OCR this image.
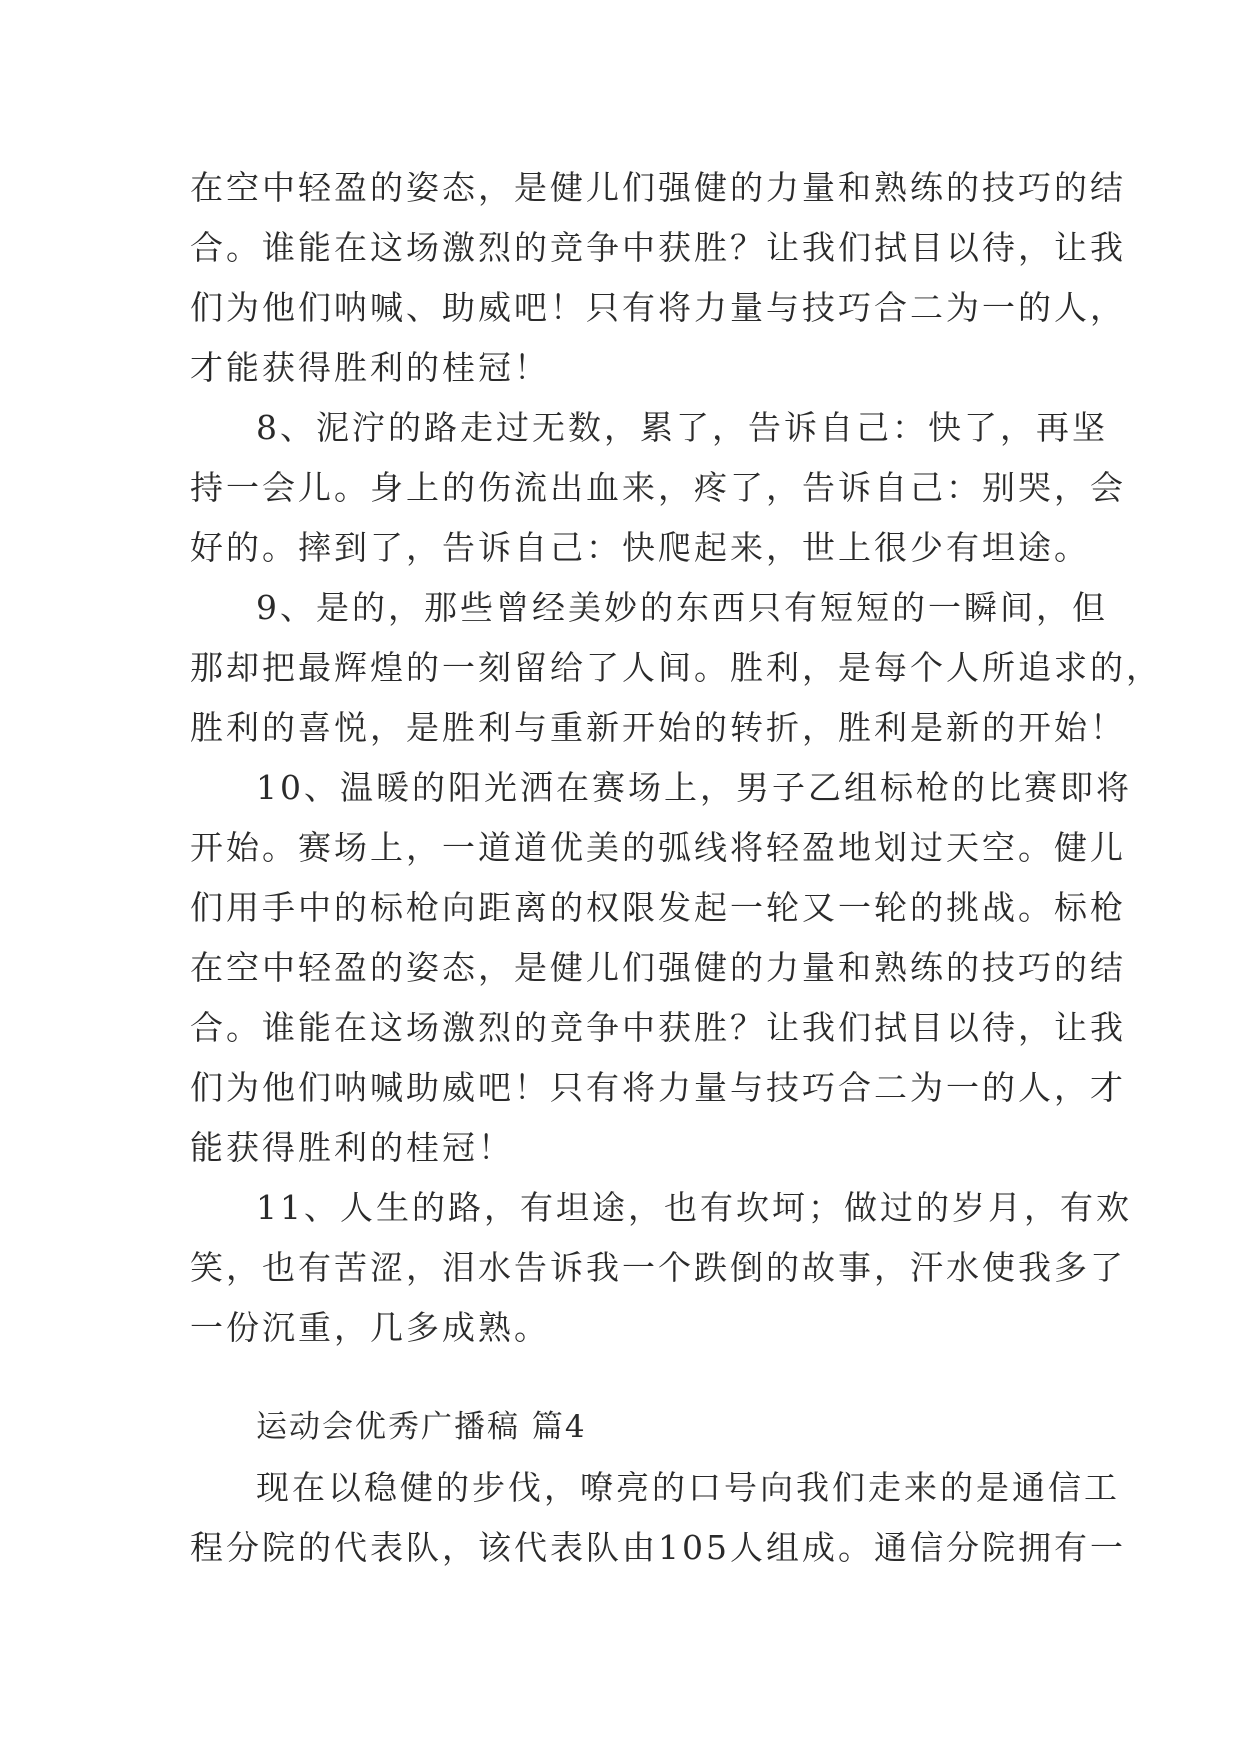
在空中轻盈的姿态，是健儿们强健的力量和熟练的技巧的结
合。谁能在这场激烈的竞争中获胜？让我们拭目以待，让我
们为他们呐喊、助威吧！只有将力量与技巧合二为一的人，
才能获得胜利的桂冠！
8、泥泞的路走过无数，累了，告诉自己：快了，再坚
持一会儿。身上的伤流出血来，疼了，告诉自己：别哭，会
好的。摔到了，告诉自己：快爬起来，世上很少有坦途。
9、是的，那些曾经美妙的东西只有短短的一瞬间，但
那却把最辉煌的一刻留给了人间。胜利，是每个人所追求的，
胜利的喜悦，是胜利与重新开始的转折，胜利是新的开始！
10、温暖的阳光洒在赛场上，男子乙组标枪的比赛即将
开始。赛场上，一道道优美的弧线将轻盈地划过天空。健儿
们用手中的标枪向距离的权限发起一轮又一轮的挑战。标枪
在空中轻盈的姿态，是健儿们强健的力量和熟练的技巧的结
合。谁能在这场激烈的竞争中获胜？让我们拭目以待，让我
们为他们呐喊助威吧！只有将力量与技巧合二为一的人，才
能获得胜利的桂冠！
11、人生的路，有坦途，也有坎坷；做过的岁月，有欢
笑，也有苦涩，泪水告诉我一个跌倒的故事，汗水使我多了
一份沉重，几多成熟。
运动会优秀广播稿 篇4
现在以稳健的步伐，嘹亮的口号向我们走来的是通信工
程分院的代表队，该代表队由105人组成。通信分院拥有一
